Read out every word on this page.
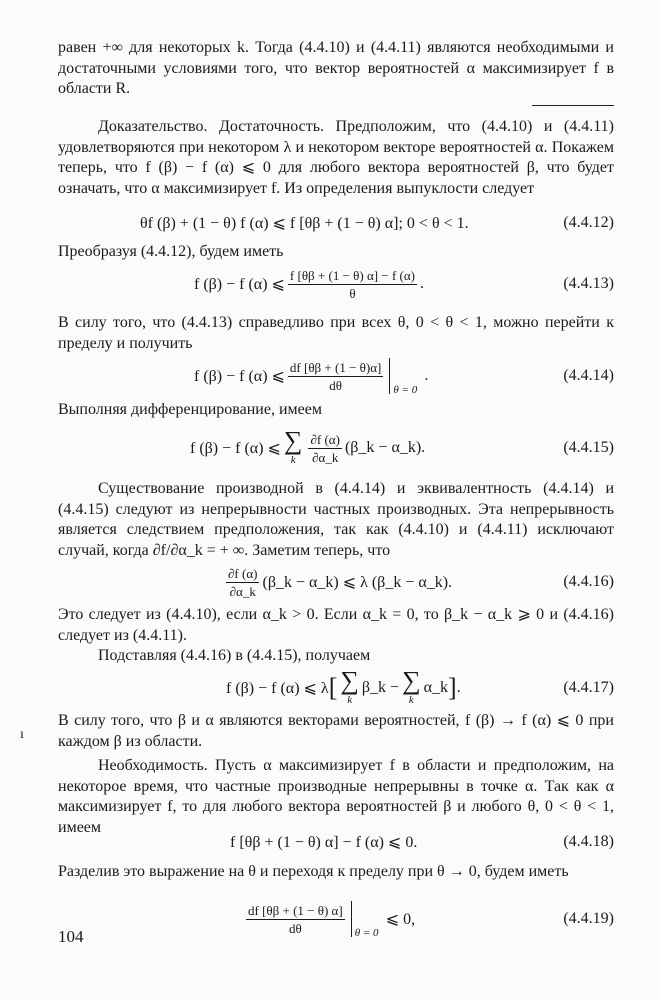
равен +∞ для некоторых k. Тогда (4.4.10) и (4.4.11) являются необходимыми и достаточными условиями того, что вектор вероятностей α максимизирует f в области R.
Доказательство. Достаточность. Предположим, что (4.4.10) и (4.4.11) удовлетворяются при некотором λ и некотором векторе вероятностей α. Покажем теперь, что f (β) − f (α) ⩽ 0 для любого вектора вероятностей β, что будет означать, что α максимизирует f. Из определения выпуклости следует
θf (β) + (1 − θ) f (α) ⩽ f [θβ + (1 − θ) α]; 0 < θ < 1.	(4.4.12)
Преобразуя (4.4.12), будем иметь
f (β) − f (α) ⩽ $\frac{f [\theta\beta + (1 - \theta) \alpha] - f (\alpha)}{\theta}$ .	(4.4.13)
В силу того, что (4.4.13) справедливо при всех θ, 0 < θ < 1, можно перейти к пределу и получить
f (β) − f (α) ⩽ $\frac{df [\theta\beta + (1 - \theta)\alpha]}{d\theta}$ θ = 0
.	(4.4.14)
Выполняя дифференцирование, имеем
f (β) − f (α) ⩽ ∑
k $\frac{\partial f (\alpha)}{\partial\alpha\_k}$ (β_k − α_k).	(4.4.15)
Существование производной в (4.4.14) и эквивалентность (4.4.14) и (4.4.15) следуют из непрерывности частных производных. Эта непрерывность является следствием предположения, так как (4.4.10) и (4.4.11) исключают случай, когда ∂f/∂α_k = + ∞. Заметим теперь, что
$\frac{\partial f (\alpha)}{\partial\alpha\_k}$ (β_k − α_k) ⩽ λ (β_k − α_k).	(4.4.16)
Это следует из (4.4.10), если α_k > 0. Если α_k = 0, то β_k − α_k ⩾ 0 и (4.4.16) следует из (4.4.11).
Подставляя (4.4.16) в (4.4.15), получаем
f (β) − f (α) ⩽ λ [ ∑
k
β_k − ∑
k
α_k ] .	(4.4.17)
В силу того, что β и α являются векторами вероятностей, f (β) → f (α) ⩽ 0 при каждом β из области.
Необходимость. Пусть α максимизирует f в области и предположим, на некоторое время, что частные производные непрерывны в точке α. Так как α максимизирует f, то для любого вектора вероятностей β и любого θ, 0 < θ < 1, имеем
f [θβ + (1 − θ) α] − f (α) ⩽ 0.	(4.4.18)
Разделив это выражение на θ и переходя к пределу при θ → 0, будем иметь
$\frac{df [\theta\beta + (1 - \theta) \alpha]}{d\theta}$ θ = 0
⩽ 0,	(4.4.19)
104
ı
